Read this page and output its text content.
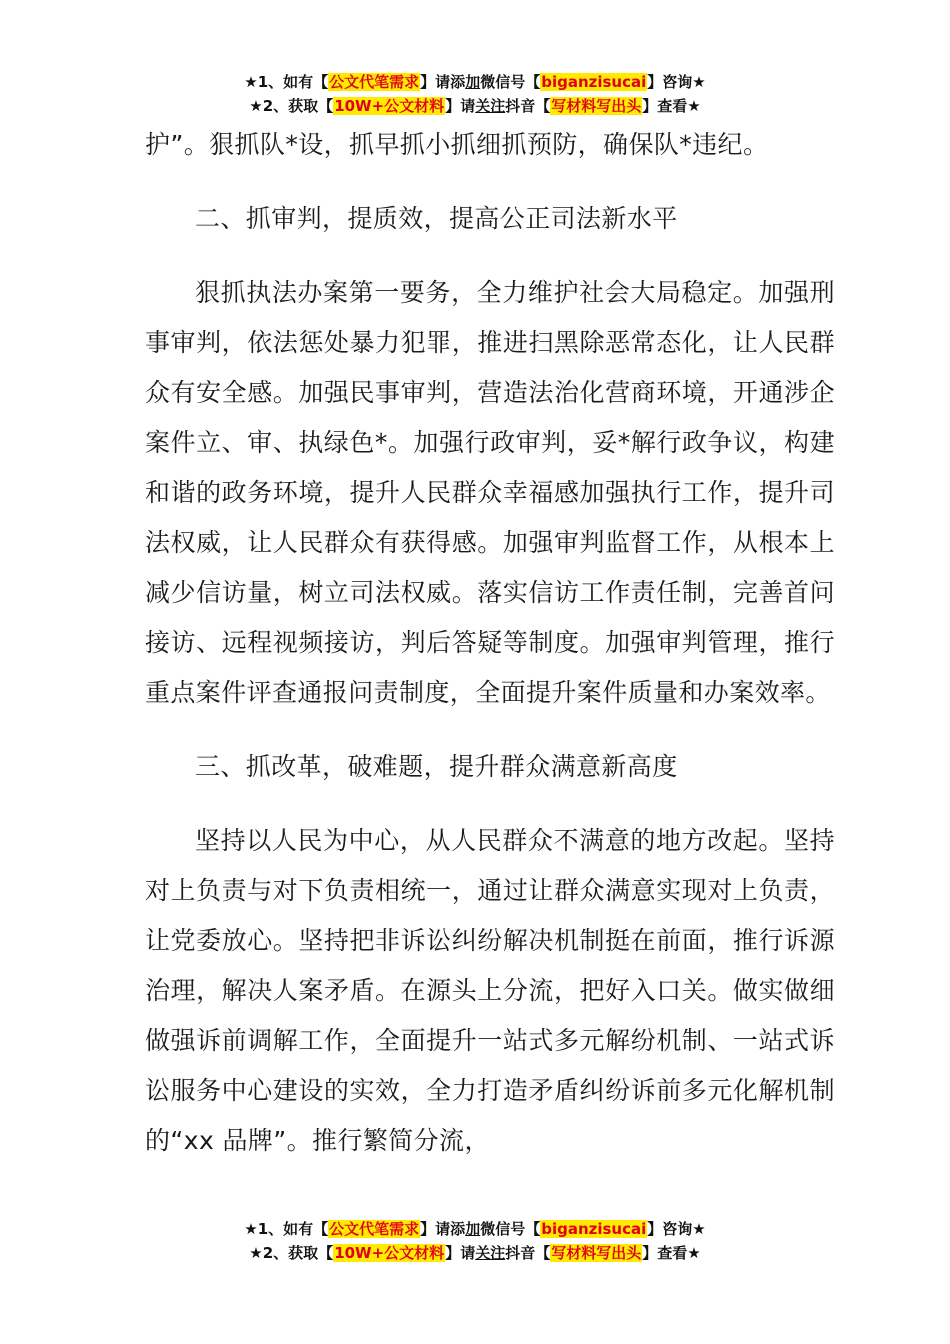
★1、如有【公文代笔需求】请添加微信号【biganzisucai】咨询★
★2、获取【10W+公文材料】请关注抖音【写材料写出头】查看★

护”。狠抓队*设，抓早抓小抓细抓预防，确保队*违纪。

二、抓审判，提质效，提高公正司法新水平

狠抓执法办案第一要务，全力维护社会大局稳定。加强刑事审判，依法惩处暴力犯罪，推进扫黑除恶常态化，让人民群众有安全感。加强民事审判，营造法治化营商环境，开通涉企案件立、审、执绿色*。加强行政审判，妥*解行政争议，构建和谐的政务环境，提升人民群众幸福感加强执行工作，提升司法权威，让人民群众有获得感。加强审判监督工作，从根本上减少信访量，树立司法权威。落实信访工作责任制，完善首问接访、远程视频接访，判后答疑等制度。加强审判管理，推行重点案件评查通报问责制度，全面提升案件质量和办案效率。

三、抓改革，破难题，提升群众满意新高度

坚持以人民为中心，从人民群众不满意的地方改起。坚持对上负责与对下负责相统一，通过让群众满意实现对上负责，让党委放心。坚持把非诉讼纠纷解决机制挺在前面，推行诉源治理，解决人案矛盾。在源头上分流，把好入口关。做实做细做强诉前调解工作，全面提升一站式多元解纷机制、一站式诉讼服务中心建设的实效，全力打造矛盾纠纷诉前多元化解机制的“xx 品牌”。推行繁简分流，

★1、如有【公文代笔需求】请添加微信号【biganzisucai】咨询★
★2、获取【10W+公文材料】请关注抖音【写材料写出头】查看★
